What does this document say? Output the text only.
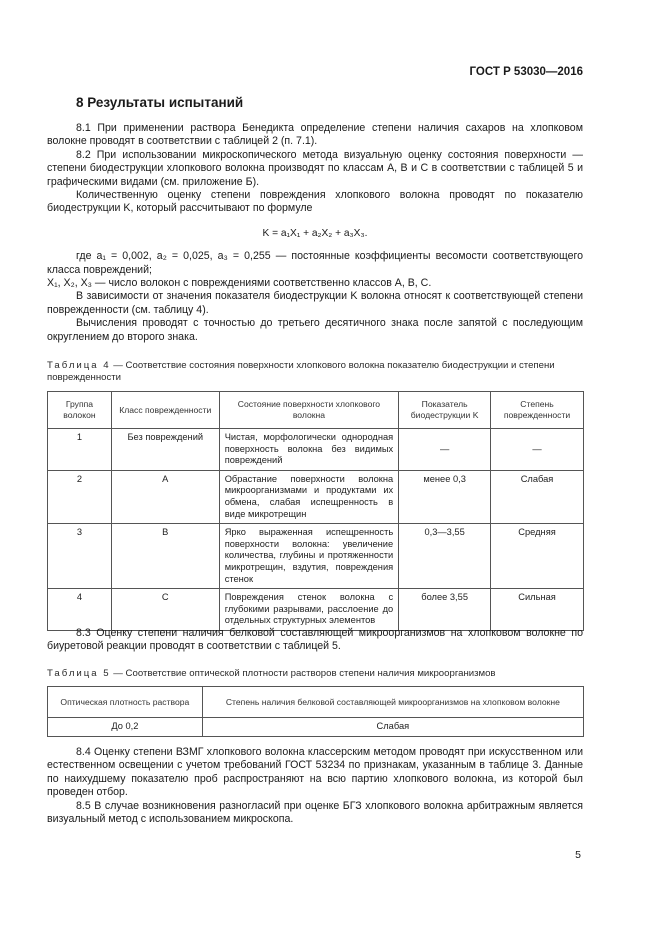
ГОСТ Р 53030—2016
8 Результаты испытаний

8.1 При применении раствора Бенедикта определение степени наличия сахаров на хлопковом волокне проводят в соответствии с таблицей 2 (п. 7.1).

8.2 При использовании микроскопического метода визуальную оценку состояния поверхности — степени биодеструкции хлопкового волокна производят по классам А, В и С в соответствии с таблицей 5 и графическими видами (см. приложение Б).

Количественную оценку степени повреждения хлопкового волокна проводят по показателю биодеструкции K, который рассчитывают по формуле

K = a₁X₁ + a₂X₂ + a₃X₃.

где a₁ = 0,002, a₂ = 0,025, a₃ = 0,255 — постоянные коэффициенты весомости соответствующего класса повреждений;

X₁, X₂, X₃ — число волокон с повреждениями соответственно классов А, В, С.

В зависимости от значения показателя биодеструкции K волокна относят к соответствующей степени поврежденности (см. таблицу 4).

Вычисления проводят с точностью до третьего десятичного знака после запятой с последующим округлением до второго знака.

Таблица 4 — Соответствие состояния поверхности хлопкового волокна показателю биодеструкции и степени поврежденности
Группа волокон	Класс поврежденности	Состояние поверхности хлопкового волокна	Показатель биодеструкции K	Степень поврежденности
1	Без повреждений	Чистая, морфологически однородная поверхность волокна без видимых повреждений	—	—
2	А	Обрастание поверхности волокна микроорганизмами и продуктами их обмена, слабая испещренность в виде микротрещин	менее 0,3	Слабая
3	В	Ярко выраженная испещренность поверхности волокна: увеличение количества, глубины и протяженности микротрещин, вздутия, повреждения стенок	0,3—3,55	Средняя
4	С	Повреждения стенок волокна с глубокими разрывами, расслоение до отдельных структурных элементов	более 3,55	Сильная

8.3 Оценку степени наличия белковой составляющей микроорганизмов на хлопковом волокне по биуретовой реакции проводят в соответствии с таблицей 5.

Таблица 5 — Соответствие оптической плотности растворов степени наличия микроорганизмов
Оптическая плотность раствора	Степень наличия белковой составляющей микроорганизмов на хлопковом волокне
До 0,2	Слабая

8.4 Оценку степени ВЗМГ хлопкового волокна классерским методом проводят при искусственном или естественном освещении с учетом требований ГОСТ 53234 по признакам, указанным в таблице 3. Данные по наихудшему показателю проб распространяют на всю партию хлопкового волокна, из которой был проведен отбор.

8.5 В случае возникновения разногласий при оценке БГЗ хлопкового волокна арбитражным является визуальный метод с использованием микроскопа.

5
